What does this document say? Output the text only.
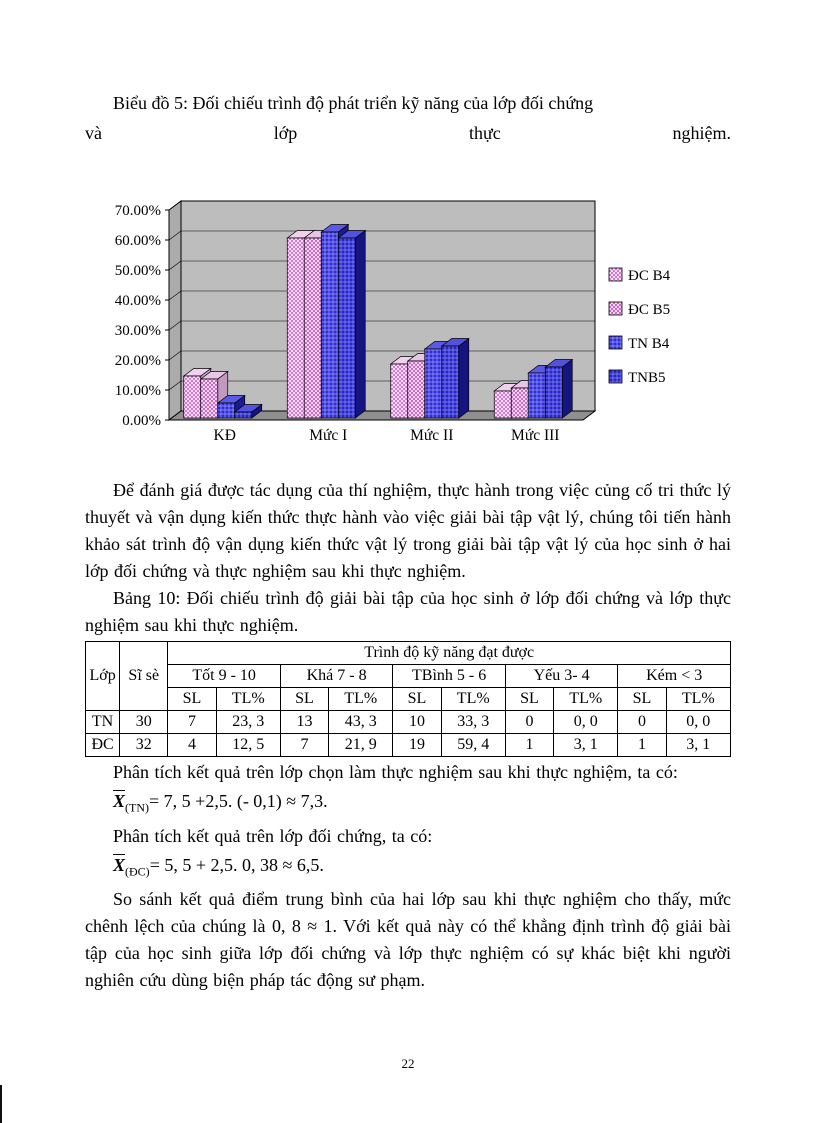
Biểu đồ 5: Đối chiếu trình độ phát triển kỹ năng của lớp đối chứng

và	lớp	thực	nghiệm.
0.00%
10.00%
20.00%
30.00%
40.00%
50.00%
60.00%
70.00%
KĐ	Mức I	Mức II	Mức III
ĐC B4
ĐC B5
TN B4
TNB5

Để đánh giá được tác dụng của thí nghiệm, thực hành trong việc củng cố tri thức lý thuyết và vận dụng kiến thức thực hành vào việc giải bài tập vật lý, chúng tôi tiến hành khảo sát trình độ vận dụng kiến thức vật lý trong giải bài tập vật lý của học sinh ở hai lớp đối chứng và thực nghiệm sau khi thực nghiệm.

Bảng 10: Đối chiếu trình độ giải bài tập của học sinh ở lớp đối chứng và lớp thực nghiệm sau khi thực nghiệm.

Lớp	Sĩ sè	Trình độ kỹ năng đạt được									
		Tốt 9 - 10		Khá 7 - 8		TBình 5 - 6		Yếu 3- 4		Kém < 3	
		SL	TL%	SL	TL%	SL	TL%	SL	TL%	SL	TL%
TN	30	7	23, 3	13	43, 3	10	33, 3	0	0, 0	0	0, 0
ĐC	32	4	12, 5	7	21, 9	19	59, 4	1	3, 1	1	3, 1

Phân tích kết quả trên lớp chọn làm thực nghiệm sau khi thực nghiệm, ta có:

$\overline{X}_{(TN)}= 7$, 5 +2,5. (- 0,1) ≈ 7,3.

Phân tích kết quả trên lớp đối chứng, ta có:

$\overline{X}_{(ĐC)}= 5$, 5 + 2,5. 0, 38 ≈ 6,5.

So sánh kết quả điểm trung bình của hai lớp sau khi thực nghiệm cho thấy, mức chênh lệch của chúng là 0, 8 ≈ 1. Với kết quả này có thể khẳng định trình độ giải bài tập của học sinh giữa lớp đối chứng và lớp thực nghiệm có sự khác biệt khi người nghiên cứu dùng biện pháp tác động sư phạm.

22
